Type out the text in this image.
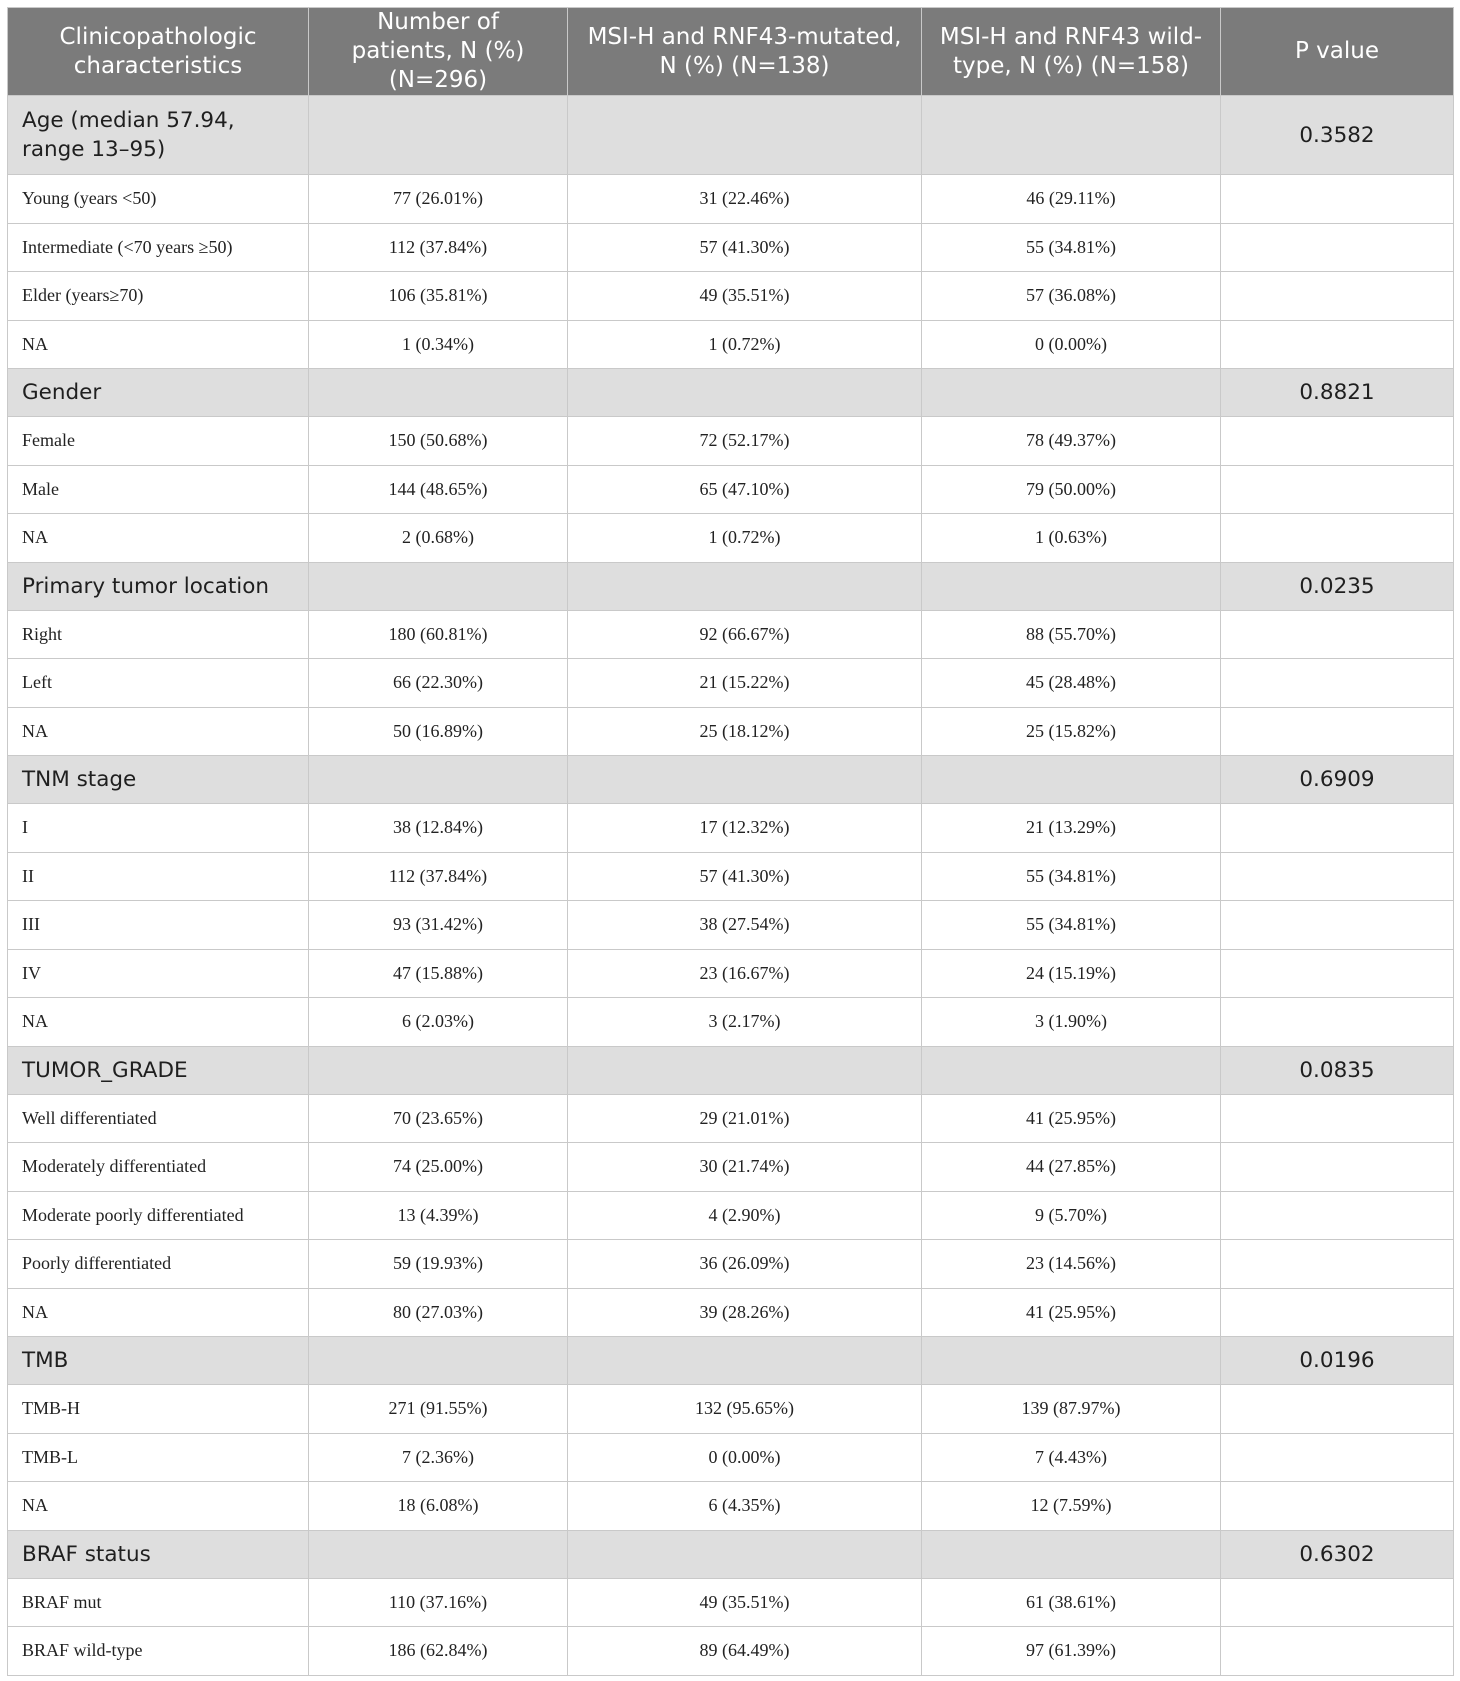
Clinicopathologic characteristics	Number of patients, N (%) (N=296)	MSI-H and RNF43-mutated, N (%) (N=138)	MSI-H and RNF43 wild-type, N (%) (N=158)	P value
Age (median 57.94, range 13–95)				0.3582
Young (years <50)	77 (26.01%)	31 (22.46%)	46 (29.11%)	
Intermediate (<70 years ≥50)	112 (37.84%)	57 (41.30%)	55 (34.81%)	
Elder (years≥70)	106 (35.81%)	49 (35.51%)	57 (36.08%)	
NA	1 (0.34%)	1 (0.72%)	0 (0.00%)	
Gender				0.8821
Female	150 (50.68%)	72 (52.17%)	78 (49.37%)	
Male	144 (48.65%)	65 (47.10%)	79 (50.00%)	
NA	2 (0.68%)	1 (0.72%)	1 (0.63%)	
Primary tumor location				0.0235
Right	180 (60.81%)	92 (66.67%)	88 (55.70%)	
Left	66 (22.30%)	21 (15.22%)	45 (28.48%)	
NA	50 (16.89%)	25 (18.12%)	25 (15.82%)	
TNM stage				0.6909
I	38 (12.84%)	17 (12.32%)	21 (13.29%)	
II	112 (37.84%)	57 (41.30%)	55 (34.81%)	
III	93 (31.42%)	38 (27.54%)	55 (34.81%)	
IV	47 (15.88%)	23 (16.67%)	24 (15.19%)	
NA	6 (2.03%)	3 (2.17%)	3 (1.90%)	
TUMOR_GRADE				0.0835
Well differentiated	70 (23.65%)	29 (21.01%)	41 (25.95%)	
Moderately differentiated	74 (25.00%)	30 (21.74%)	44 (27.85%)	
Moderate poorly differentiated	13 (4.39%)	4 (2.90%)	9 (5.70%)	
Poorly differentiated	59 (19.93%)	36 (26.09%)	23 (14.56%)	
NA	80 (27.03%)	39 (28.26%)	41 (25.95%)	
TMB				0.0196
TMB-H	271 (91.55%)	132 (95.65%)	139 (87.97%)	
TMB-L	7 (2.36%)	0 (0.00%)	7 (4.43%)	
NA	18 (6.08%)	6 (4.35%)	12 (7.59%)	
BRAF status				0.6302
BRAF mut	110 (37.16%)	49 (35.51%)	61 (38.61%)	
BRAF wild-type	186 (62.84%)	89 (64.49%)	97 (61.39%)	
